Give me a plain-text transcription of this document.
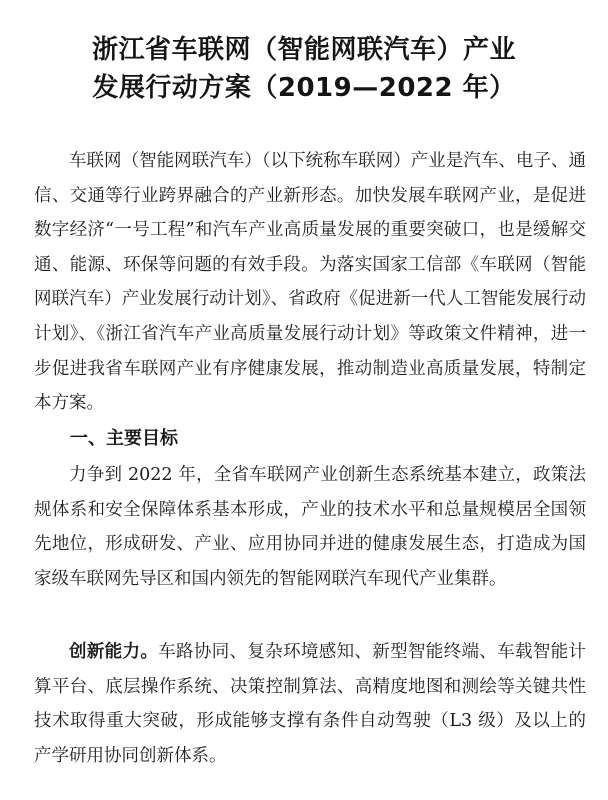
浙江省车联网（智能网联汽车）产业
发展行动方案（2019—2022 年）

车联网（智能网联汽车）（以下统称车联网）产业是汽车、电子、通信、交通等行业跨界融合的产业新形态。加快发展车联网产业，是促进数字经济“一号工程”和汽车产业高质量发展的重要突破口，也是缓解交通、能源、环保等问题的有效手段。为落实国家工信部《车联网（智能网联汽车）产业发展行动计划》、省政府《促进新一代人工智能发展行动计划》、《浙江省汽车产业高质量发展行动计划》等政策文件精神，进一步促进我省车联网产业有序健康发展，推动制造业高质量发展，特制定本方案。

一、主要目标

力争到 2022 年，全省车联网产业创新生态系统基本建立，政策法规体系和安全保障体系基本形成，产业的技术水平和总量规模居全国领先地位，形成研发、产业、应用协同并进的健康发展生态，打造成为国家级车联网先导区和国内领先的智能网联汽车现代产业集群。

创新能力。车路协同、复杂环境感知、新型智能终端、车载智能计算平台、底层操作系统、决策控制算法、高精度地图和测绘等关键共性技术取得重大突破，形成能够支撑有条件自动驾驶（L3 级）及以上的产学研用协同创新体系。
